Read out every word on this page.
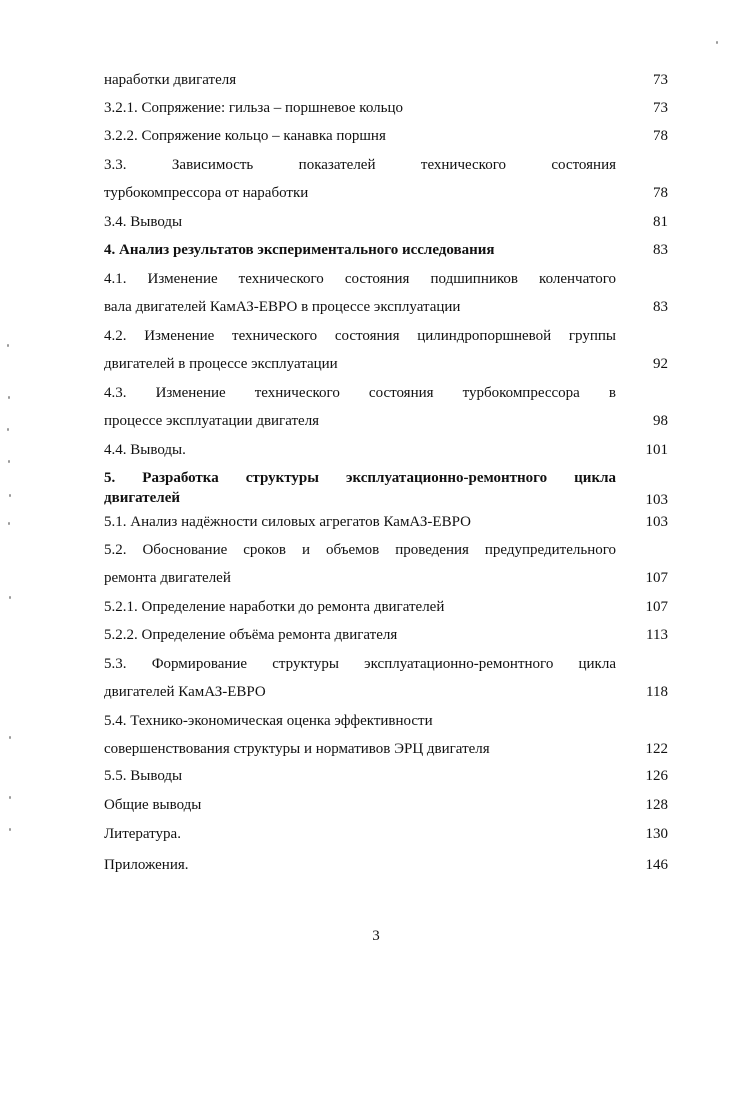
наработки двигателя	73
3.2.1. Сопряжение: гильза – поршневое кольцо	73
3.2.2. Сопряжение кольцо – канавка поршня	78
3.3. Зависимость показателей технического состояния
турбокомпрессора от наработки	78
3.4. Выводы	81
4. Анализ результатов экспериментального исследования	83
4.1. Изменение технического состояния подшипников коленчатого
вала двигателей КамАЗ-ЕВРО в процессе эксплуатации	83
4.2. Изменение технического состояния цилиндропоршневой группы
двигателей в процессе эксплуатации	92
4.3. Изменение технического состояния турбокомпрессора в
процессе эксплуатации двигателя	98
4.4. Выводы.	101
5. Разработка структуры эксплуатационно-ремонтного цикла
двигателей	103
5.1. Анализ надёжности силовых агрегатов КамАЗ-ЕВРО	103
5.2. Обоснование сроков и объемов проведения предупредительного
ремонта двигателей	107
5.2.1. Определение наработки до ремонта двигателей	107
5.2.2. Определение объёма ремонта двигателя	113
5.3. Формирование структуры эксплуатационно-ремонтного цикла
двигателей КамАЗ-ЕВРО	118
5.4. Технико-экономическая оценка эффективности
совершенствования структуры и нормативов ЭРЦ двигателя	122
5.5. Выводы	126
Общие выводы	128
Литература.	130
Приложения.	146
3
